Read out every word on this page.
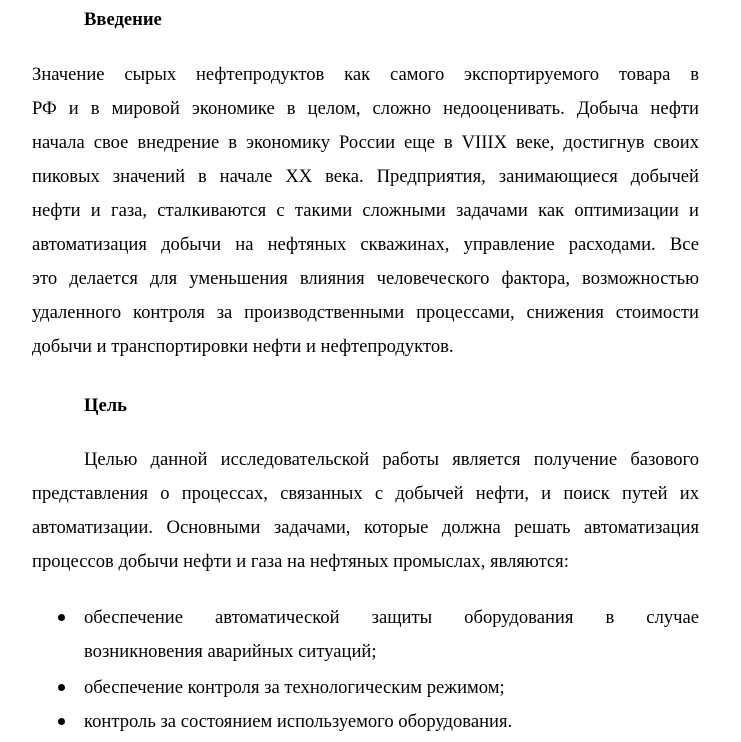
Введение
Значение сырых нефтепродуктов как самого экспортируемого товара в
РФ и в мировой экономике в целом, сложно недооценивать. Добыча нефти
начала свое внедрение в экономику России еще в VIIIX веке, достигнув своих
пиковых значений в начале XX века. Предприятия, занимающиеся добычей
нефти и газа, сталкиваются с такими сложными задачами как оптимизации и
автоматизация добычи на нефтяных скважинах, управление расходами. Все
это делается для уменьшения влияния человеческого фактора, возможностью
удаленного контроля за производственными процессами, снижения стоимости
добычи и транспортировки нефти и нефтепродуктов.
Цель
Целью данной исследовательской работы является получение базового
представления о процессах, связанных с добычей нефти, и поиск путей их
автоматизации. Основными задачами, которые должна решать автоматизация
процессов добычи нефти и газа на нефтяных промыслах, являются:
обеспечение автоматической защиты оборудования в случае
возникновения аварийных ситуаций;
обеспечение контроля за технологическим режимом;
контроль за состоянием используемого оборудования.
